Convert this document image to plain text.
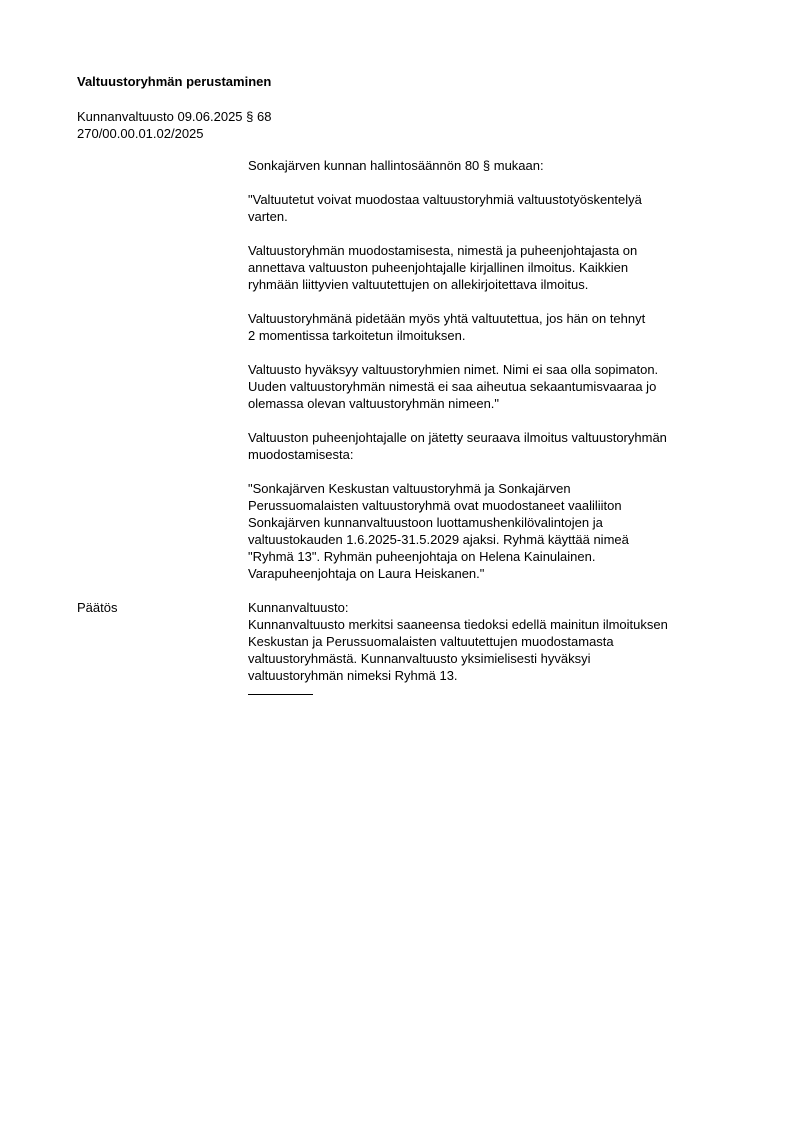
Valtuustoryhmän perustaminen
Kunnanvaltuusto 09.06.2025 § 68
270/00.00.01.02/2025

Sonkajärven kunnan hallintosäännön 80 § mukaan:

"Valtuutetut voivat muodostaa valtuustoryhmiä valtuustotyöskentelyä
varten.

Valtuustoryhmän muodostamisesta, nimestä ja puheenjohtajasta on
annettava valtuuston puheenjohtajalle kirjallinen ilmoitus. Kaikkien
ryhmään liittyvien valtuutettujen on allekirjoitettava ilmoitus.

Valtuustoryhmänä pidetään myös yhtä valtuutettua, jos hän on tehnyt
2 momentissa tarkoitetun ilmoituksen.

Valtuusto hyväksyy valtuustoryhmien nimet. Nimi ei saa olla sopimaton.
Uuden valtuustoryhmän nimestä ei saa aiheutua sekaantumisvaaraa jo
olemassa olevan valtuustoryhmän nimeen."

Valtuuston puheenjohtajalle on jätetty seuraava ilmoitus valtuustoryhmän
muodostamisesta:

"Sonkajärven Keskustan valtuustoryhmä ja Sonkajärven
Perussuomalaisten valtuustoryhmä ovat muodostaneet vaaliliiton
Sonkajärven kunnanvaltuustoon luottamushenkilövalintojen ja
valtuustokauden 1.6.2025-31.5.2029 ajaksi. Ryhmä käyttää nimeä
"Ryhmä 13". Ryhmän puheenjohtaja on Helena Kainulainen.
Varapuheenjohtaja on Laura Heiskanen."

Päätös	Kunnanvaltuusto:
Kunnanvaltuusto merkitsi saaneensa tiedoksi edellä mainitun ilmoituksen
Keskustan ja Perussuomalaisten valtuutettujen muodostamasta
valtuustoryhmästä. Kunnanvaltuusto yksimielisesti hyväksyi
valtuustoryhmän nimeksi Ryhmä 13.
